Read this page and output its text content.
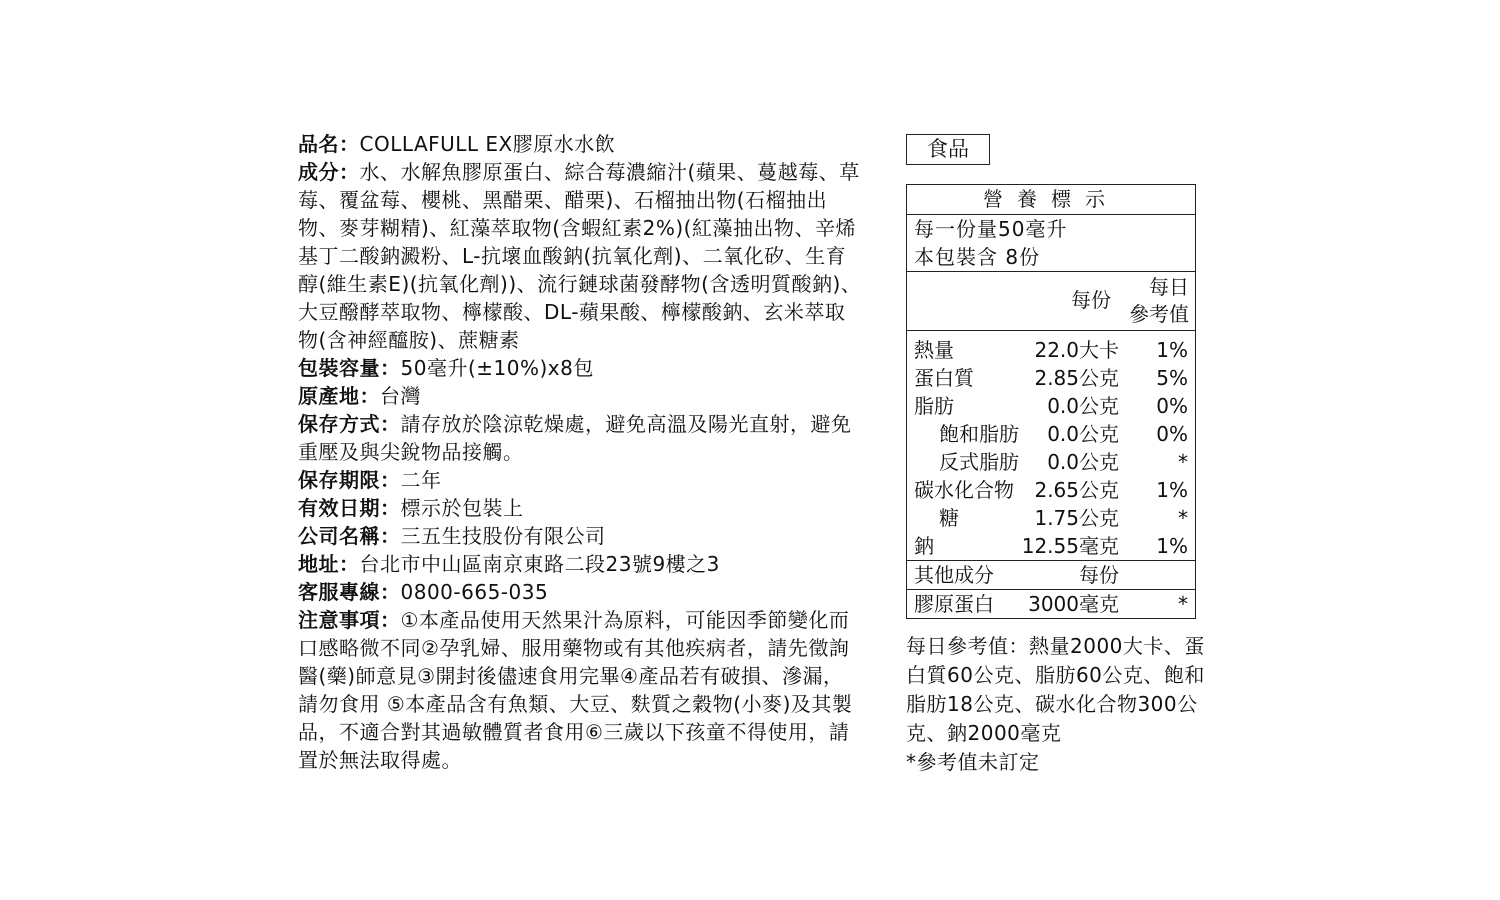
品名：COLLAFULL EX膠原水水飲

成分：水、水解魚膠原蛋白、綜合莓濃縮汁(蘋果、蔓越莓、草莓、覆盆莓、櫻桃、黑醋栗、醋栗)、石榴抽出物(石榴抽出物、麥芽糊精)、紅藻萃取物(含蝦紅素2%)(紅藻抽出物、辛烯基丁二酸鈉澱粉、L-抗壞血酸鈉(抗氧化劑)、二氧化矽、生育醇(維生素E)(抗氧化劑))、流行鏈球菌發酵物(含透明質酸鈉)、大豆醱酵萃取物、檸檬酸、DL-蘋果酸、檸檬酸鈉、玄米萃取物(含神經醯胺)、蔗糖素

包裝容量：50毫升(±10%)x8包

原產地：台灣

保存方式：請存放於陰涼乾燥處，避免高溫及陽光直射，避免重壓及與尖銳物品接觸。

保存期限：二年

有效日期：標示於包裝上

公司名稱：三五生技股份有限公司

地址：台北市中山區南京東路二段23號9樓之3

客服專線：0800-665-035

注意事項：①本產品使用天然果汁為原料，可能因季節變化而口感略微不同②孕乳婦、服用藥物或有其他疾病者，請先徵詢醫(藥)師意見③開封後儘速食用完畢④產品若有破損、滲漏，請勿食用 ⑤本產品含有魚類、大豆、麩質之穀物(小麥)及其製品，不適合對其過敏體質者食用⑥三歲以下孩童不得使用，請置於無法取得處。

食品
營養標示
每一份量50毫升
本包裝含 8份
每份
每日
參考值
熱量	22.0大卡 1%
蛋白質	2.85公克 5%
脂肪	0.0公克 0%
飽和脂肪 0.0公克 0%
反式脂肪 0.0公克	*
碳水化合物 2.65公克 1%
糖	1.75公克	*
鈉	12.55毫克 1%
其他成分	每份
膠原蛋白 3000毫克	*

每日參考值：熱量2000大卡、蛋白質60公克、脂肪60公克、飽和脂肪18公克、碳水化合物300公克、鈉2000毫克

*參考值未訂定
